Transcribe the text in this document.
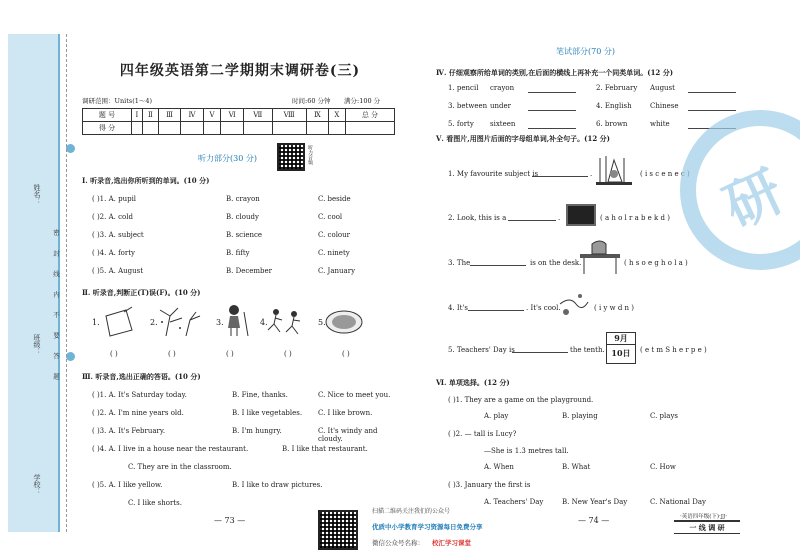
姓名：
班级：
学校：
密 封 线 内 不 要 答 题
四年级英语第二学期期末调研卷(三)
调研范围：Units(1～4)	时间:60 分钟 满分:100 分
题 号	Ⅰ	Ⅱ	Ⅲ	Ⅳ	Ⅴ	Ⅵ	Ⅶ	Ⅷ	Ⅸ	Ⅹ	总 分
得 分											
听力部分(30 分)	听力音频
Ⅰ. 听录音,选出你所听到的单词。(10 分)
( )1. A. pupil	B. crayon	C. beside
( )2. A. cold	B. cloudy	C. cool
( )3. A. subject	B. science	C. colour
( )4. A. forty	B. fifty	C. ninety
( )5. A. August	B. December	C. January
Ⅱ. 听录音,判断正(T)误(F)。(10 分)
1.	2.	3.	4.	5.
( )	( )	( )	( )	( )
Ⅲ. 听录音,选出正确的答语。(10 分)
( )1. A. It's Saturday today.	B. Fine, thanks.	C. Nice to meet you.
( )2. A. I'm nine years old.	B. I like vegetables. C. I like brown.
( )3. A. It's February.	B. I'm hungry.	C. It's windy and cloudy.
( )4. A. I live in a house near the restaurant.	B. I like that restaurant.
C. They are in the classroom.
( )5. A. I like yellow.	B. I like to draw pictures.
C. I like shorts.
笔试部分(70 分)
Ⅳ. 仔细观察所给单词的类别,在后面的横线上再补充一个同类单词。(12 分)
1. pencil crayon	2. February August
3. between under	4. English	Chinese
5. forty sixteen	6. brown	white
Ⅴ. 看图片,用图片后面的字母组单词,补全句子。(12 分)
1. My favourite subject is	.	( i s c e n e c )
2. Look, this is a	.	( a h o l r a b e k d )
3. The	is on the desk.	( h s o e g h o l a )
4. It's	. It's cool.	( i y w d n )
5. Teachers' Day is	the tenth.
9月
10日	( e t m S h e r p e )
Ⅵ. 单项选择。(12 分)
( )1. They are a game on the playground.
A. play	B. playing	C. plays
( )2. — tall is Lucy?
—She is 1.3 metres tall.
A. When	B. What	C. How
( )3. January the first is
A. Teachers' Day	B. New Year's Day	C. National Day
研
— 73 —	— 74 —
扫描二维码关注我们的公众号
优质中小学教育学习资源每日免费分享
微信公众号名称： 校汇学习课堂
·英语四年级(下)·JJ·
一 线 调 研
